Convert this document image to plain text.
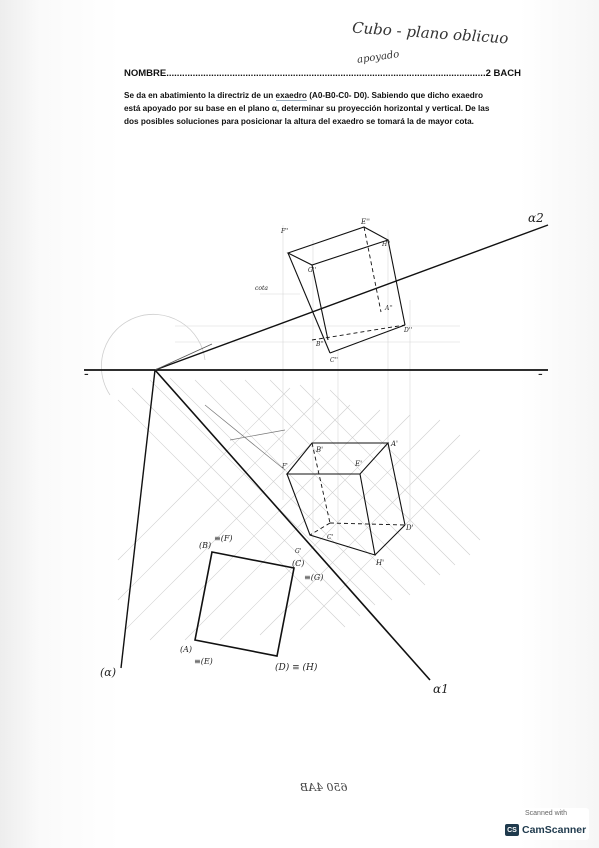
Cubo - plano oblicuo
apoyado
NOMBRE.........................................................................................................................2 BACH
Se da en abatimiento la directriz de un exaedro (A0-B0-C0- D0). Sabiendo que dicho exaedro está apoyado por su base en el plano α, determinar su proyección horizontal y vertical. De las dos posibles soluciones para posicionar la altura del exaedro se tomará la de mayor cota.
α2
α1
(α)
-	-
cota
(B)
≡(F)
(C)
≡(G)
(A)
≡(E)
(D) ≡ (H)
F''
E''
H''
G''
A''
D''
C''
B''
A'
B'
E'
D'
C'
H'
F'
G'
650 4AB
Scanned with
CS CamScanner
